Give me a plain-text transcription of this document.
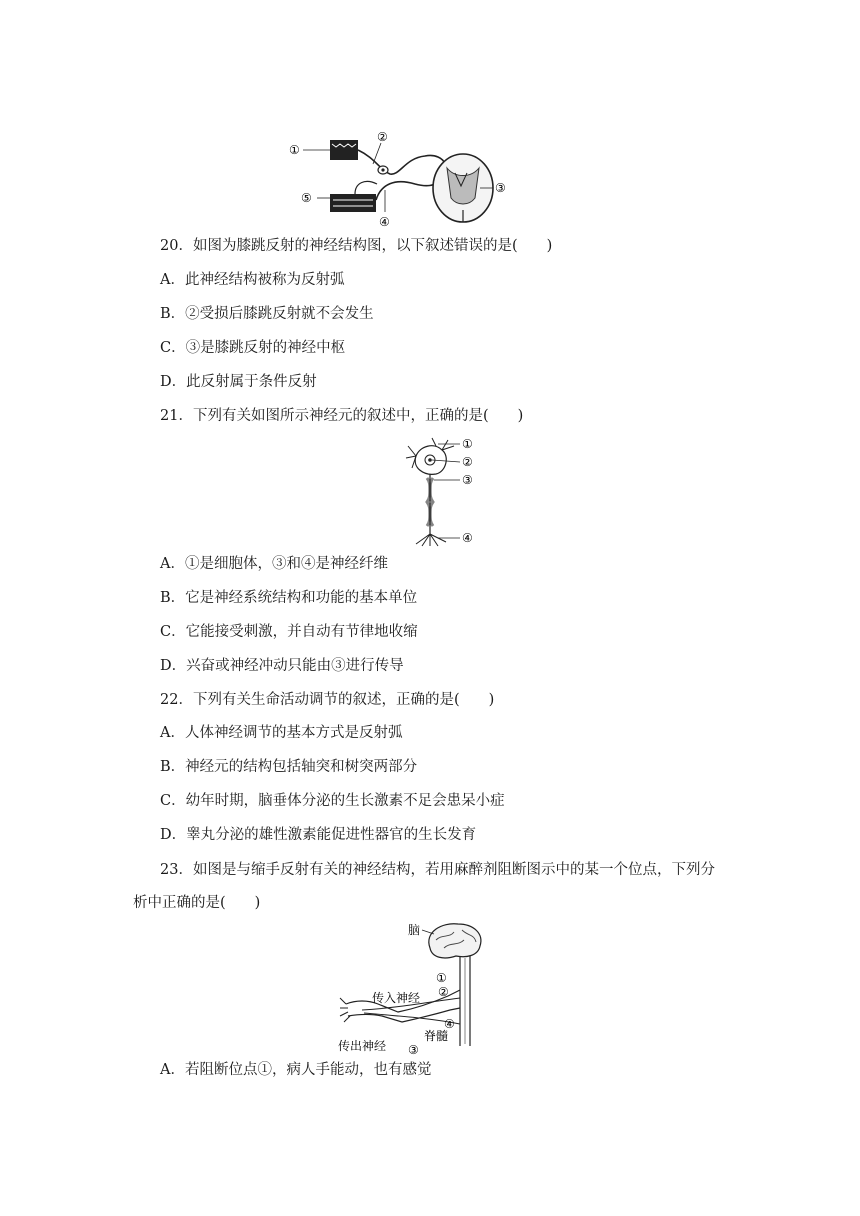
①
②
③
④
⑤
20．如图为膝跳反射的神经结构图，以下叙述错误的是(　　)
A．此神经结构被称为反射弧
B．②受损后膝跳反射就不会发生
C．③是膝跳反射的神经中枢
D．此反射属于条件反射
21．下列有关如图所示神经元的叙述中，正确的是(　　)
①
②
③
④
A．①是细胞体，③和④是神经纤维
B．它是神经系统结构和功能的基本单位
C．它能接受刺激，并自动有节律地收缩
D．兴奋或神经冲动只能由③进行传导
22．下列有关生命活动调节的叙述，正确的是(　　)
A．人体神经调节的基本方式是反射弧
B．神经元的结构包括轴突和树突两部分
C．幼年时期，脑垂体分泌的生长激素不足会患呆小症
D．睾丸分泌的雄性激素能促进性器官的生长发育
23．如图是与缩手反射有关的神经结构，若用麻醉剂阻断图示中的某一个位点，下列分
析中正确的是(　　)
脑
①
②
传入神经
脊髓
④
传出神经 ③
A．若阻断位点①，病人手能动，也有感觉
